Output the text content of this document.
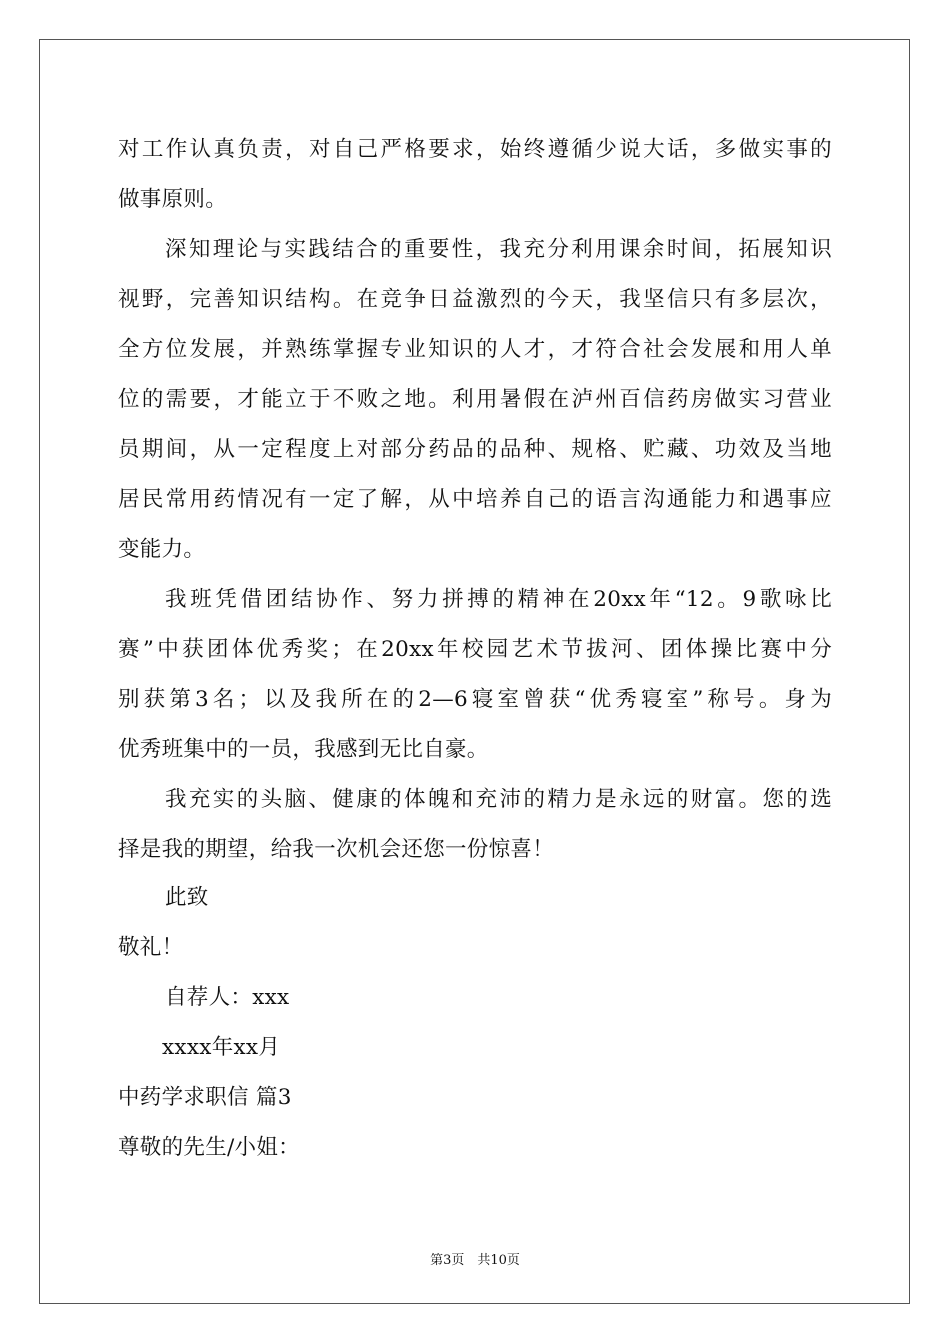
对工作认真负责，对自己严格要求，始终遵循少说大话，多做实事的
做事原则。
深知理论与实践结合的重要性，我充分利用课余时间，拓展知识
视野，完善知识结构。在竞争日益激烈的今天，我坚信只有多层次，
全方位发展，并熟练掌握专业知识的人才，才符合社会发展和用人单
位的需要，才能立于不败之地。利用暑假在泸州百信药房做实习营业
员期间，从一定程度上对部分药品的品种、规格、贮藏、功效及当地
居民常用药情况有一定了解，从中培养自己的语言沟通能力和遇事应
变能力。
我班凭借团结协作、努力拼搏的精神在20xx年“12。9歌咏比
赛”中获团体优秀奖；在20xx年校园艺术节拔河、团体操比赛中分
别获第3名；以及我所在的2—6寝室曾获“优秀寝室”称号。身为
优秀班集中的一员，我感到无比自豪。
我充实的头脑、健康的体魄和充沛的精力是永远的财富。您的选
择是我的期望，给我一次机会还您一份惊喜！
此致
敬礼！
自荐人：xxx
xxxx年xx月
中药学求职信 篇3
尊敬的先生/小姐：
第3页　共10页
